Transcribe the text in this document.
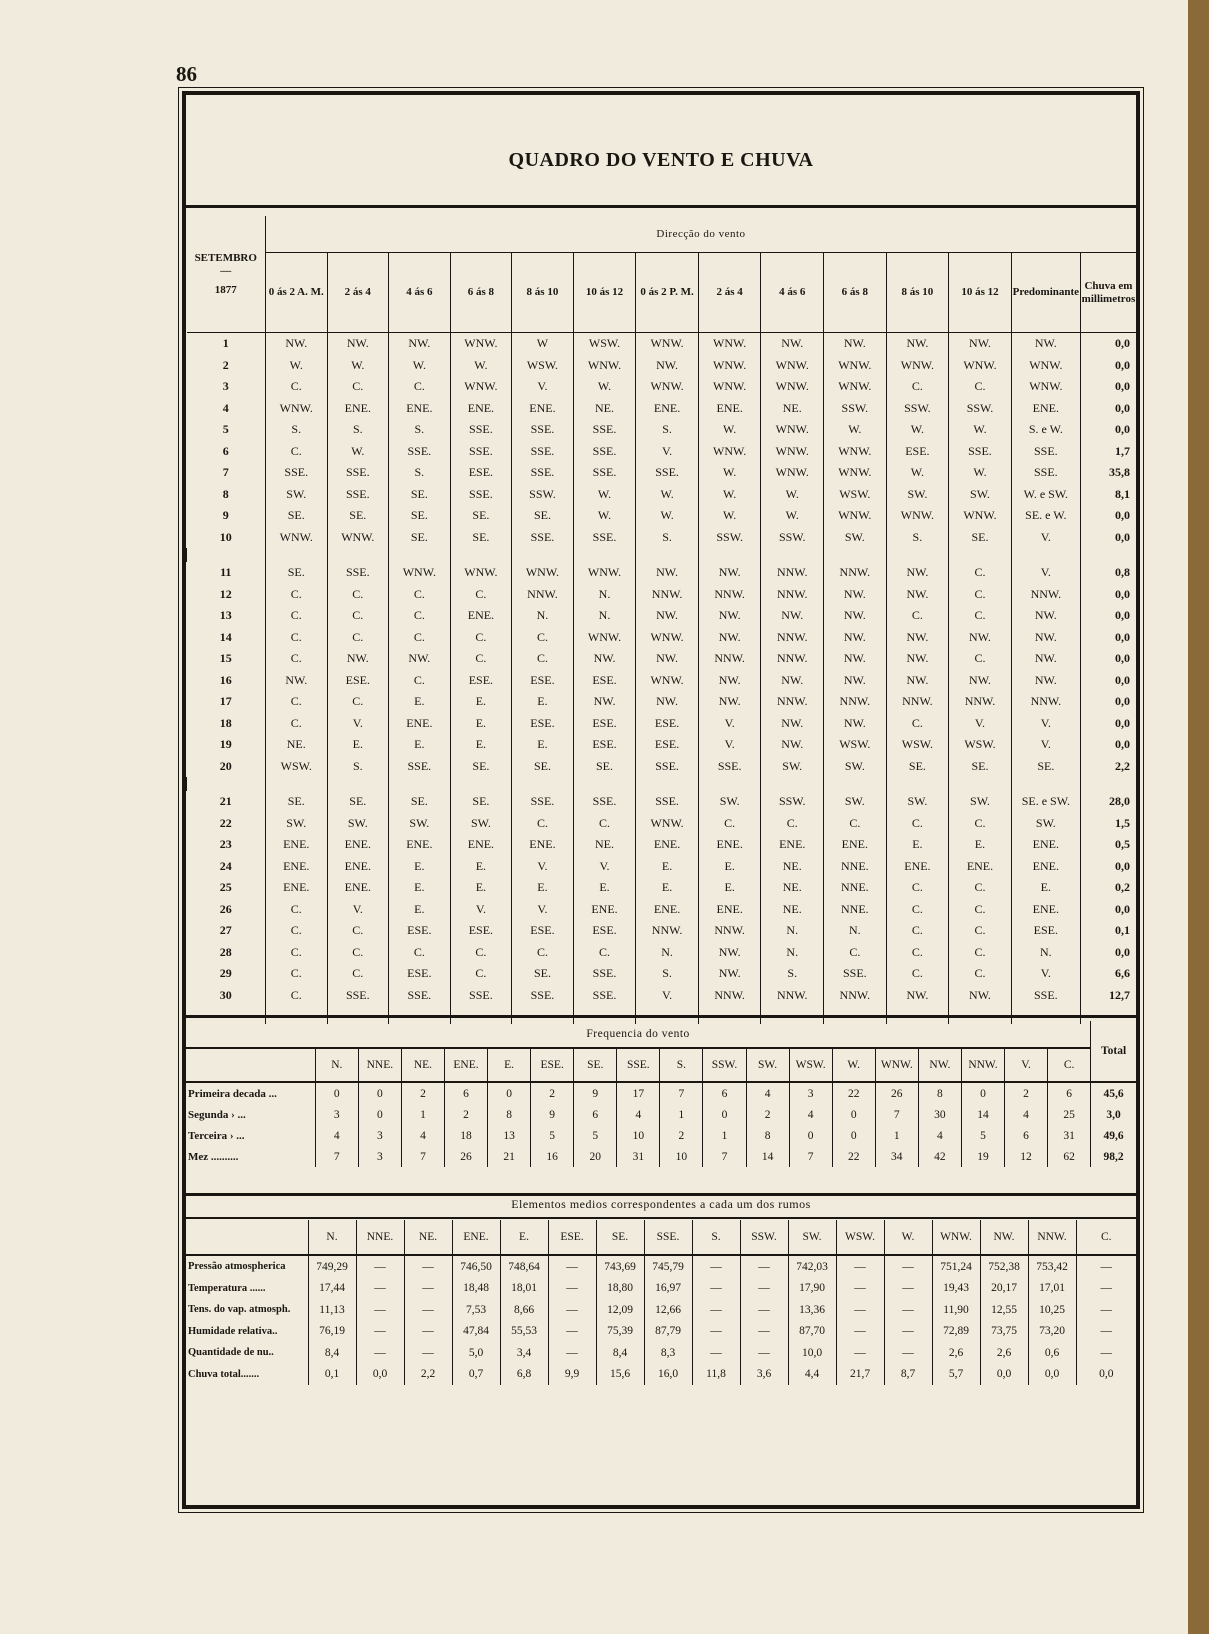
86
QUADRO DO VENTO E CHUVA
SETEMBRO
—
1877	Direcção do vento													
	0 ás 2 A. M.	2 ás 4	4 ás 6	6 ás 8	8 ás 10	10 ás 12	0 ás 2 P. M.	2 ás 4	4 ás 6	6 ás 8	8 ás 10	10 ás 12	Predominante	Chuva em millimetros
1	NW.	NW.	NW.	WNW.	W	WSW.	WNW.	WNW.	NW.	NW.	NW.	NW.	NW.	0,0
2	W.	W.	W.	W.	WSW.	WNW.	NW.	WNW.	WNW.	WNW.	WNW.	WNW.	WNW.	0,0
3	C.	C.	C.	WNW.	V.	W.	WNW.	WNW.	WNW.	WNW.	C.	C.	WNW.	0,0
4	WNW.	ENE.	ENE.	ENE.	ENE.	NE.	ENE.	ENE.	NE.	SSW.	SSW.	SSW.	ENE.	0,0
5	S.	S.	S.	SSE.	SSE.	SSE.	S.	W.	WNW.	W.	W.	W.	S. e W.	0,0
6	C.	W.	SSE.	SSE.	SSE.	SSE.	V.	WNW.	WNW.	WNW.	ESE.	SSE.	SSE.	1,7
7	SSE.	SSE.	S.	ESE.	SSE.	SSE.	SSE.	W.	WNW.	WNW.	W.	W.	SSE.	35,8
8	SW.	SSE.	SE.	SSE.	SSW.	W.	W.	W.	W.	WSW.	SW.	SW.	W. e SW.	8,1
9	SE.	SE.	SE.	SE.	SE.	W.	W.	W.	W.	WNW.	WNW.	WNW.	SE. e W.	0,0
10	WNW.	WNW.	SE.	SE.	SSE.	SSE.	S.	SSW.	SSW.	SW.	S.	SE.	V.	0,0

11	SE.	SSE.	WNW.	WNW.	WNW.	WNW.	NW.	NW.	NNW.	NNW.	NW.	C.	V.	0,8
12	C.	C.	C.	C.	NNW.	N.	NNW.	NNW.	NNW.	NW.	NW.	C.	NNW.	0,0
13	C.	C.	C.	ENE.	N.	N.	NW.	NW.	NW.	NW.	C.	C.	NW.	0,0
14	C.	C.	C.	C.	C.	WNW.	WNW.	NW.	NNW.	NW.	NW.	NW.	NW.	0,0
15	C.	NW.	NW.	C.	C.	NW.	NW.	NNW.	NNW.	NW.	NW.	C.	NW.	0,0
16	NW.	ESE.	C.	ESE.	ESE.	ESE.	WNW.	NW.	NW.	NW.	NW.	NW.	NW.	0,0
17	C.	C.	E.	E.	E.	NW.	NW.	NW.	NNW.	NNW.	NNW.	NNW.	NNW.	0,0
18	C.	V.	ENE.	E.	ESE.	ESE.	ESE.	V.	NW.	NW.	C.	V.	V.	0,0
19	NE.	E.	E.	E.	E.	ESE.	ESE.	V.	NW.	WSW.	WSW.	WSW.	V.	0,0
20	WSW.	S.	SSE.	SE.	SE.	SE.	SSE.	SSE.	SW.	SW.	SE.	SE.	SE.	2,2

21	SE.	SE.	SE.	SE.	SSE.	SSE.	SSE.	SW.	SSW.	SW.	SW.	SW.	SE. e SW.	28,0
22	SW.	SW.	SW.	SW.	C.	C.	WNW.	C.	C.	C.	C.	C.	SW.	1,5
23	ENE.	ENE.	ENE.	ENE.	ENE.	NE.	ENE.	ENE.	ENE.	ENE.	E.	E.	ENE.	0,5
24	ENE.	ENE.	E.	E.	V.	V.	E.	E.	NE.	NNE.	ENE.	ENE.	ENE.	0,0
25	ENE.	ENE.	E.	E.	E.	E.	E.	E.	NE.	NNE.	C.	C.	E.	0,2
26	C.	V.	E.	V.	V.	ENE.	ENE.	ENE.	NE.	NNE.	C.	C.	ENE.	0,0
27	C.	C.	ESE.	ESE.	ESE.	ESE.	NNW.	NNW.	N.	N.	C.	C.	ESE.	0,1
28	C.	C.	C.	C.	C.	C.	N.	NW.	N.	C.	C.	C.	N.	0,0
29	C.	C.	ESE.	C.	SE.	SSE.	S.	NW.	S.	SSE.	C.	C.	V.	6,6
30	C.	SSE.	SSE.	SSE.	SSE.	SSE.	V.	NNW.	NNW.	NNW.	NW.	NW.	SSE.	12,7
—	—	—	—	—	—	—	—	—	—	—	—	—	—	—
Frequencia do vento																			Total
	N.	NNE.	NE.	ENE.	E.	ESE.	SE.	SSE.	S.	SSW.	SW.	WSW.	W.	WNW.	NW.	NNW.	V.	C.	
Primeira decada ...	0	0	2	6	0	2	9	17	7	6	4	3	22	26	8	0	2	6	45,6
Segunda › ...	3	0	1	2	8	9	6	4	1	0	2	4	0	7	30	14	4	25	3,0
Terceira › ...	4	3	4	18	13	5	5	10	2	1	8	0	0	1	4	5	6	31	49,6
Mez ..........	7	3	7	26	21	16	20	31	10	7	14	7	22	34	42	19	12	62	98,2
Elementos medios correspondentes a cada um dos rumos
	N.	NNE.	NE.	ENE.	E.	ESE.	SE.	SSE.	S.	SSW.	SW.	WSW.	W.	WNW.	NW.	NNW.	C.
Pressão atmospherica	749,29	—	—	746,50	748,64	—	743,69	745,79	—	—	742,03	—	—	751,24	752,38	753,42	—
Temperatura ......	17,44	—	—	18,48	18,01	—	18,80	16,97	—	—	17,90	—	—	19,43	20,17	17,01	—
Tens. do vap. atmosph.	11,13	—	—	7,53	8,66	—	12,09	12,66	—	—	13,36	—	—	11,90	12,55	10,25	—
Humidade relativa..	76,19	—	—	47,84	55,53	—	75,39	87,79	—	—	87,70	—	—	72,89	73,75	73,20	—
Quantidade de nu..	8,4	—	—	5,0	3,4	—	8,4	8,3	—	—	10,0	—	—	2,6	2,6	0,6	—
Chuva total.......	0,1	0,0	2,2	0,7	6,8	9,9	15,6	16,0	11,8	3,6	4,4	21,7	8,7	5,7	0,0	0,0	0,0
